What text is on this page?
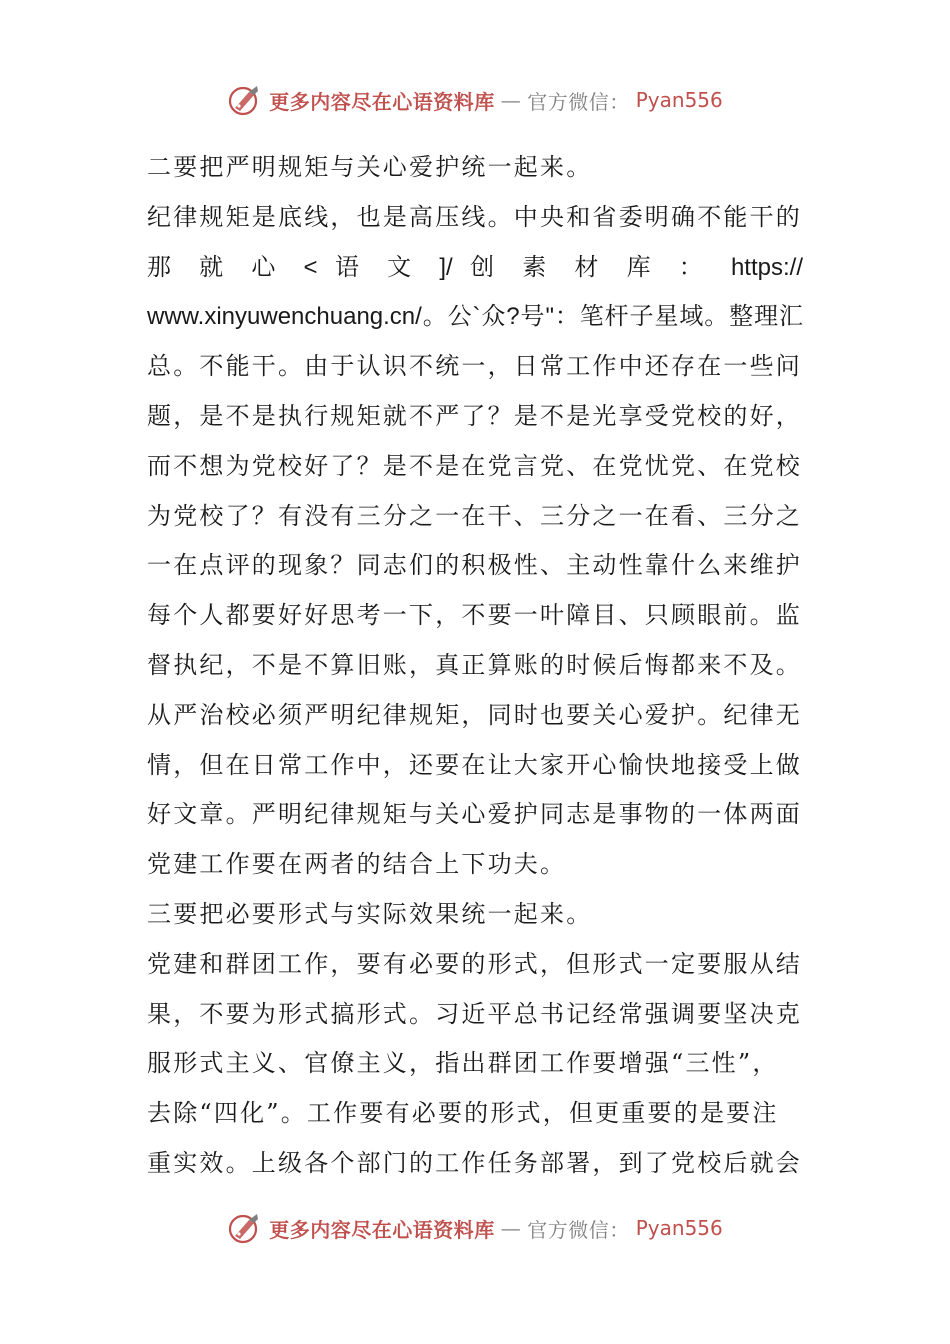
更多内容尽在心语资料库 — 官方微信： Pyan556
二要把严明规矩与关心爱护统一起来。
纪律规矩是底线，也是高压线。中央和省委明确不能干的
那 就 心 < 语 文 ]/ 创 素 材 库 ： https://
www.xinyuwenchuang.cn/。公`众?号"：笔杆子星域。整理汇
总。不能干。由于认识不统一，日常工作中还存在一些问
题，是不是执行规矩就不严了？是不是光享受党校的好，
而不想为党校好了？是不是在党言党、在党忧党、在党校
为党校了？有没有三分之一在干、三分之一在看、三分之
一在点评的现象？同志们的积极性、主动性靠什么来维护
每个人都要好好思考一下，不要一叶障目、只顾眼前。监
督执纪，不是不算旧账，真正算账的时候后悔都来不及。
从严治校必须严明纪律规矩，同时也要关心爱护。纪律无
情，但在日常工作中，还要在让大家开心愉快地接受上做
好文章。严明纪律规矩与关心爱护同志是事物的一体两面
党建工作要在两者的结合上下功夫。
三要把必要形式与实际效果统一起来。
党建和群团工作，要有必要的形式，但形式一定要服从结
果，不要为形式搞形式。习近平总书记经常强调要坚决克
服形式主义、官僚主义，指出群团工作要增强“三性”，
去除“四化”。工作要有必要的形式，但更重要的是要注
重实效。上级各个部门的工作任务部署，到了党校后就会
更多内容尽在心语资料库 — 官方微信： Pyan556
